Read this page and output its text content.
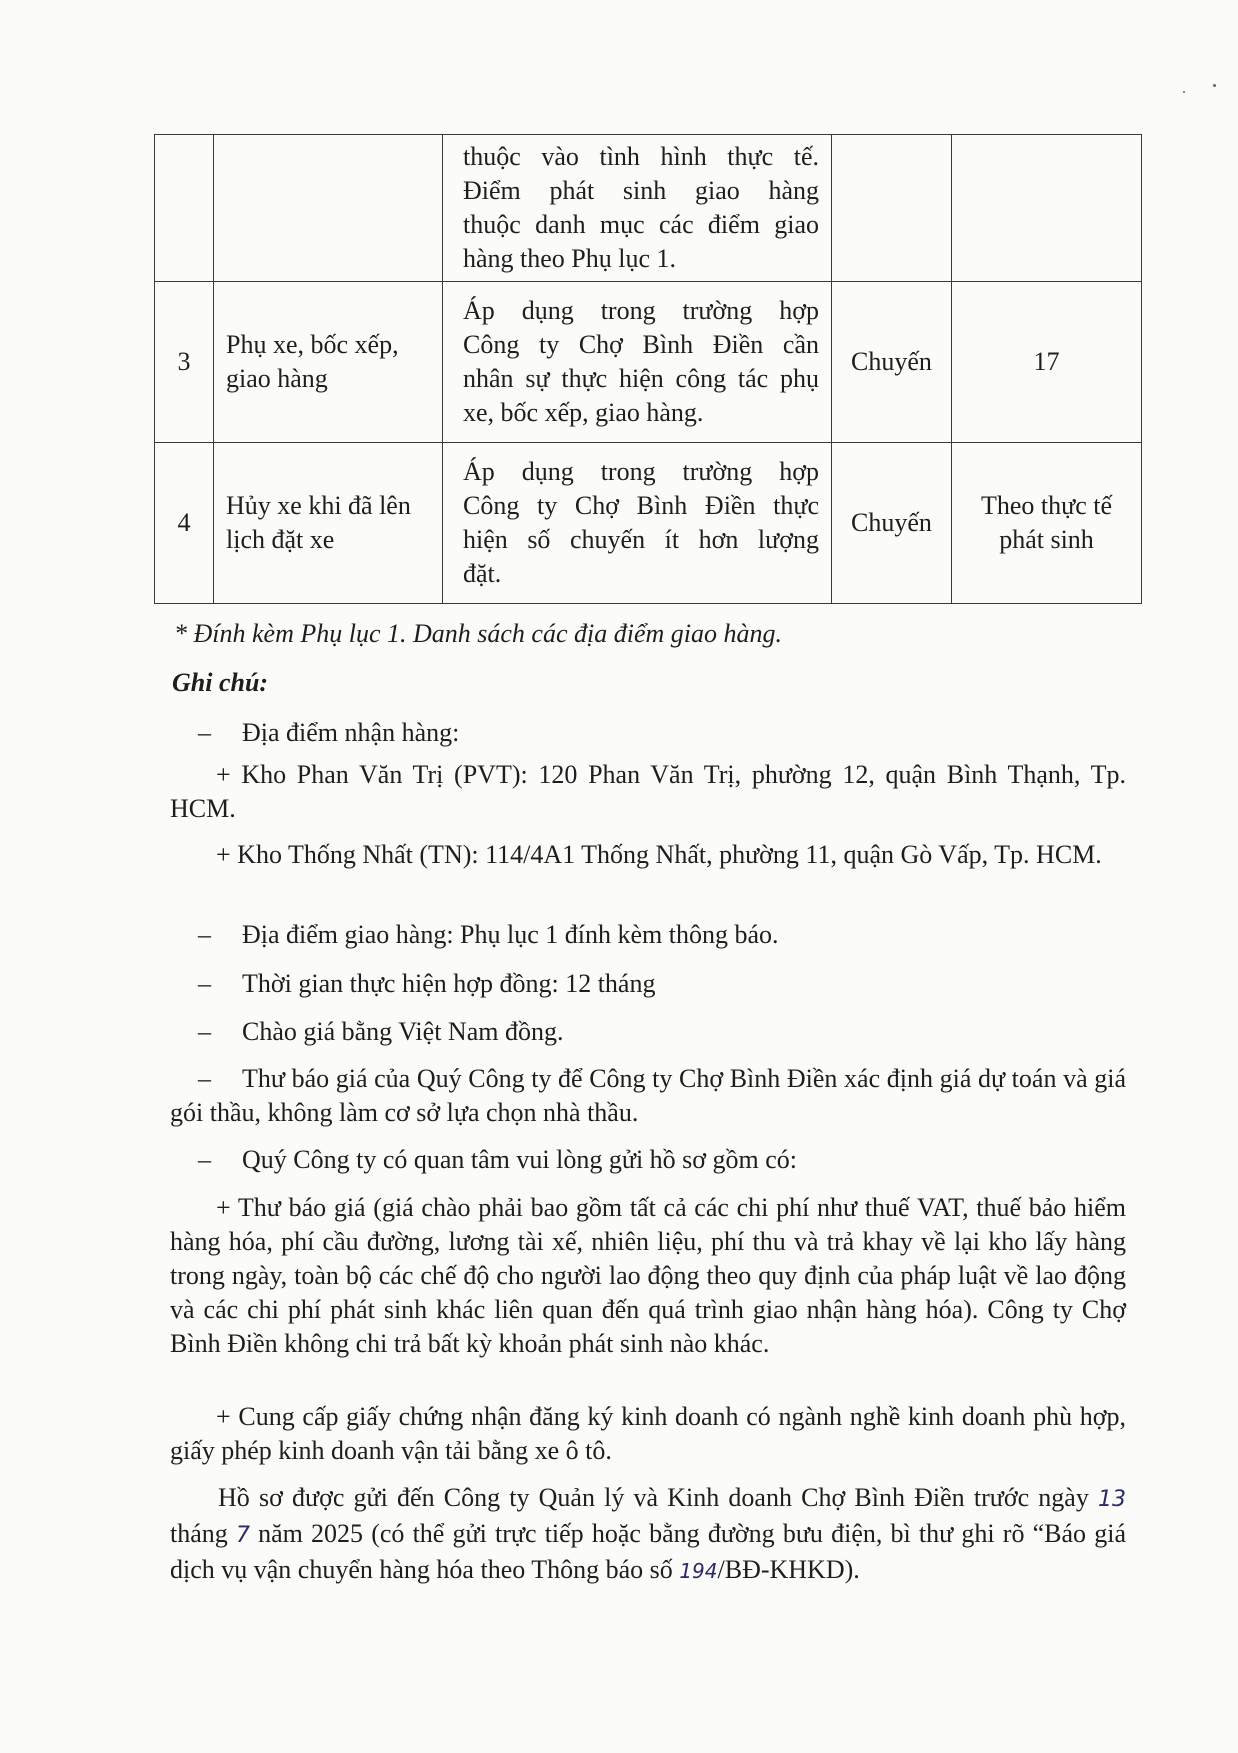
		thuộc vào tình hình thực tế.
Điểm phát sinh giao hàng
thuộc danh mục các điểm giao
hàng theo Phụ lục 1.		

3	Phụ xe, bốc xếp, giao hàng	Áp dụng trong trường hợp
Công ty Chợ Bình Điền cần
nhân sự thực hiện công tác phụ
xe, bốc xếp, giao hàng.	Chuyến	17
4	Hủy xe khi đã lên lịch đặt xe	Áp dụng trong trường hợp
Công ty Chợ Bình Điền thực
hiện số chuyến ít hơn lượng
đặt.	Chuyến	Theo thực tế phát sinh
* Đính kèm Phụ lục 1. Danh sách các địa điểm giao hàng.
Ghi chú:
– Địa điểm nhận hàng:
+ Kho Phan Văn Trị (PVT): 120 Phan Văn Trị, phường 12, quận Bình Thạnh, Tp. HCM.
+ Kho Thống Nhất (TN): 114/4A1 Thống Nhất, phường 11, quận Gò Vấp, Tp. HCM.
– Địa điểm giao hàng: Phụ lục 1 đính kèm thông báo.
– Thời gian thực hiện hợp đồng: 12 tháng
– Chào giá bằng Việt Nam đồng.
– Thư báo giá của Quý Công ty để Công ty Chợ Bình Điền xác định giá dự toán và giá gói thầu, không làm cơ sở lựa chọn nhà thầu.
– Quý Công ty có quan tâm vui lòng gửi hồ sơ gồm có:
+ Thư báo giá (giá chào phải bao gồm tất cả các chi phí như thuế VAT, thuế bảo hiểm hàng hóa, phí cầu đường, lương tài xế, nhiên liệu, phí thu và trả khay về lại kho lấy hàng trong ngày, toàn bộ các chế độ cho người lao động theo quy định của pháp luật về lao động và các chi phí phát sinh khác liên quan đến quá trình giao nhận hàng hóa). Công ty Chợ Bình Điền không chi trả bất kỳ khoản phát sinh nào khác.
+ Cung cấp giấy chứng nhận đăng ký kinh doanh có ngành nghề kinh doanh phù hợp, giấy phép kinh doanh vận tải bằng xe ô tô.
Hồ sơ được gửi đến Công ty Quản lý và Kinh doanh Chợ Bình Điền trước ngày 13 tháng 7 năm 2025 (có thể gửi trực tiếp hoặc bằng đường bưu điện, bì thư ghi rõ “Báo giá dịch vụ vận chuyển hàng hóa theo Thông báo số 194/BĐ-KHKD).
